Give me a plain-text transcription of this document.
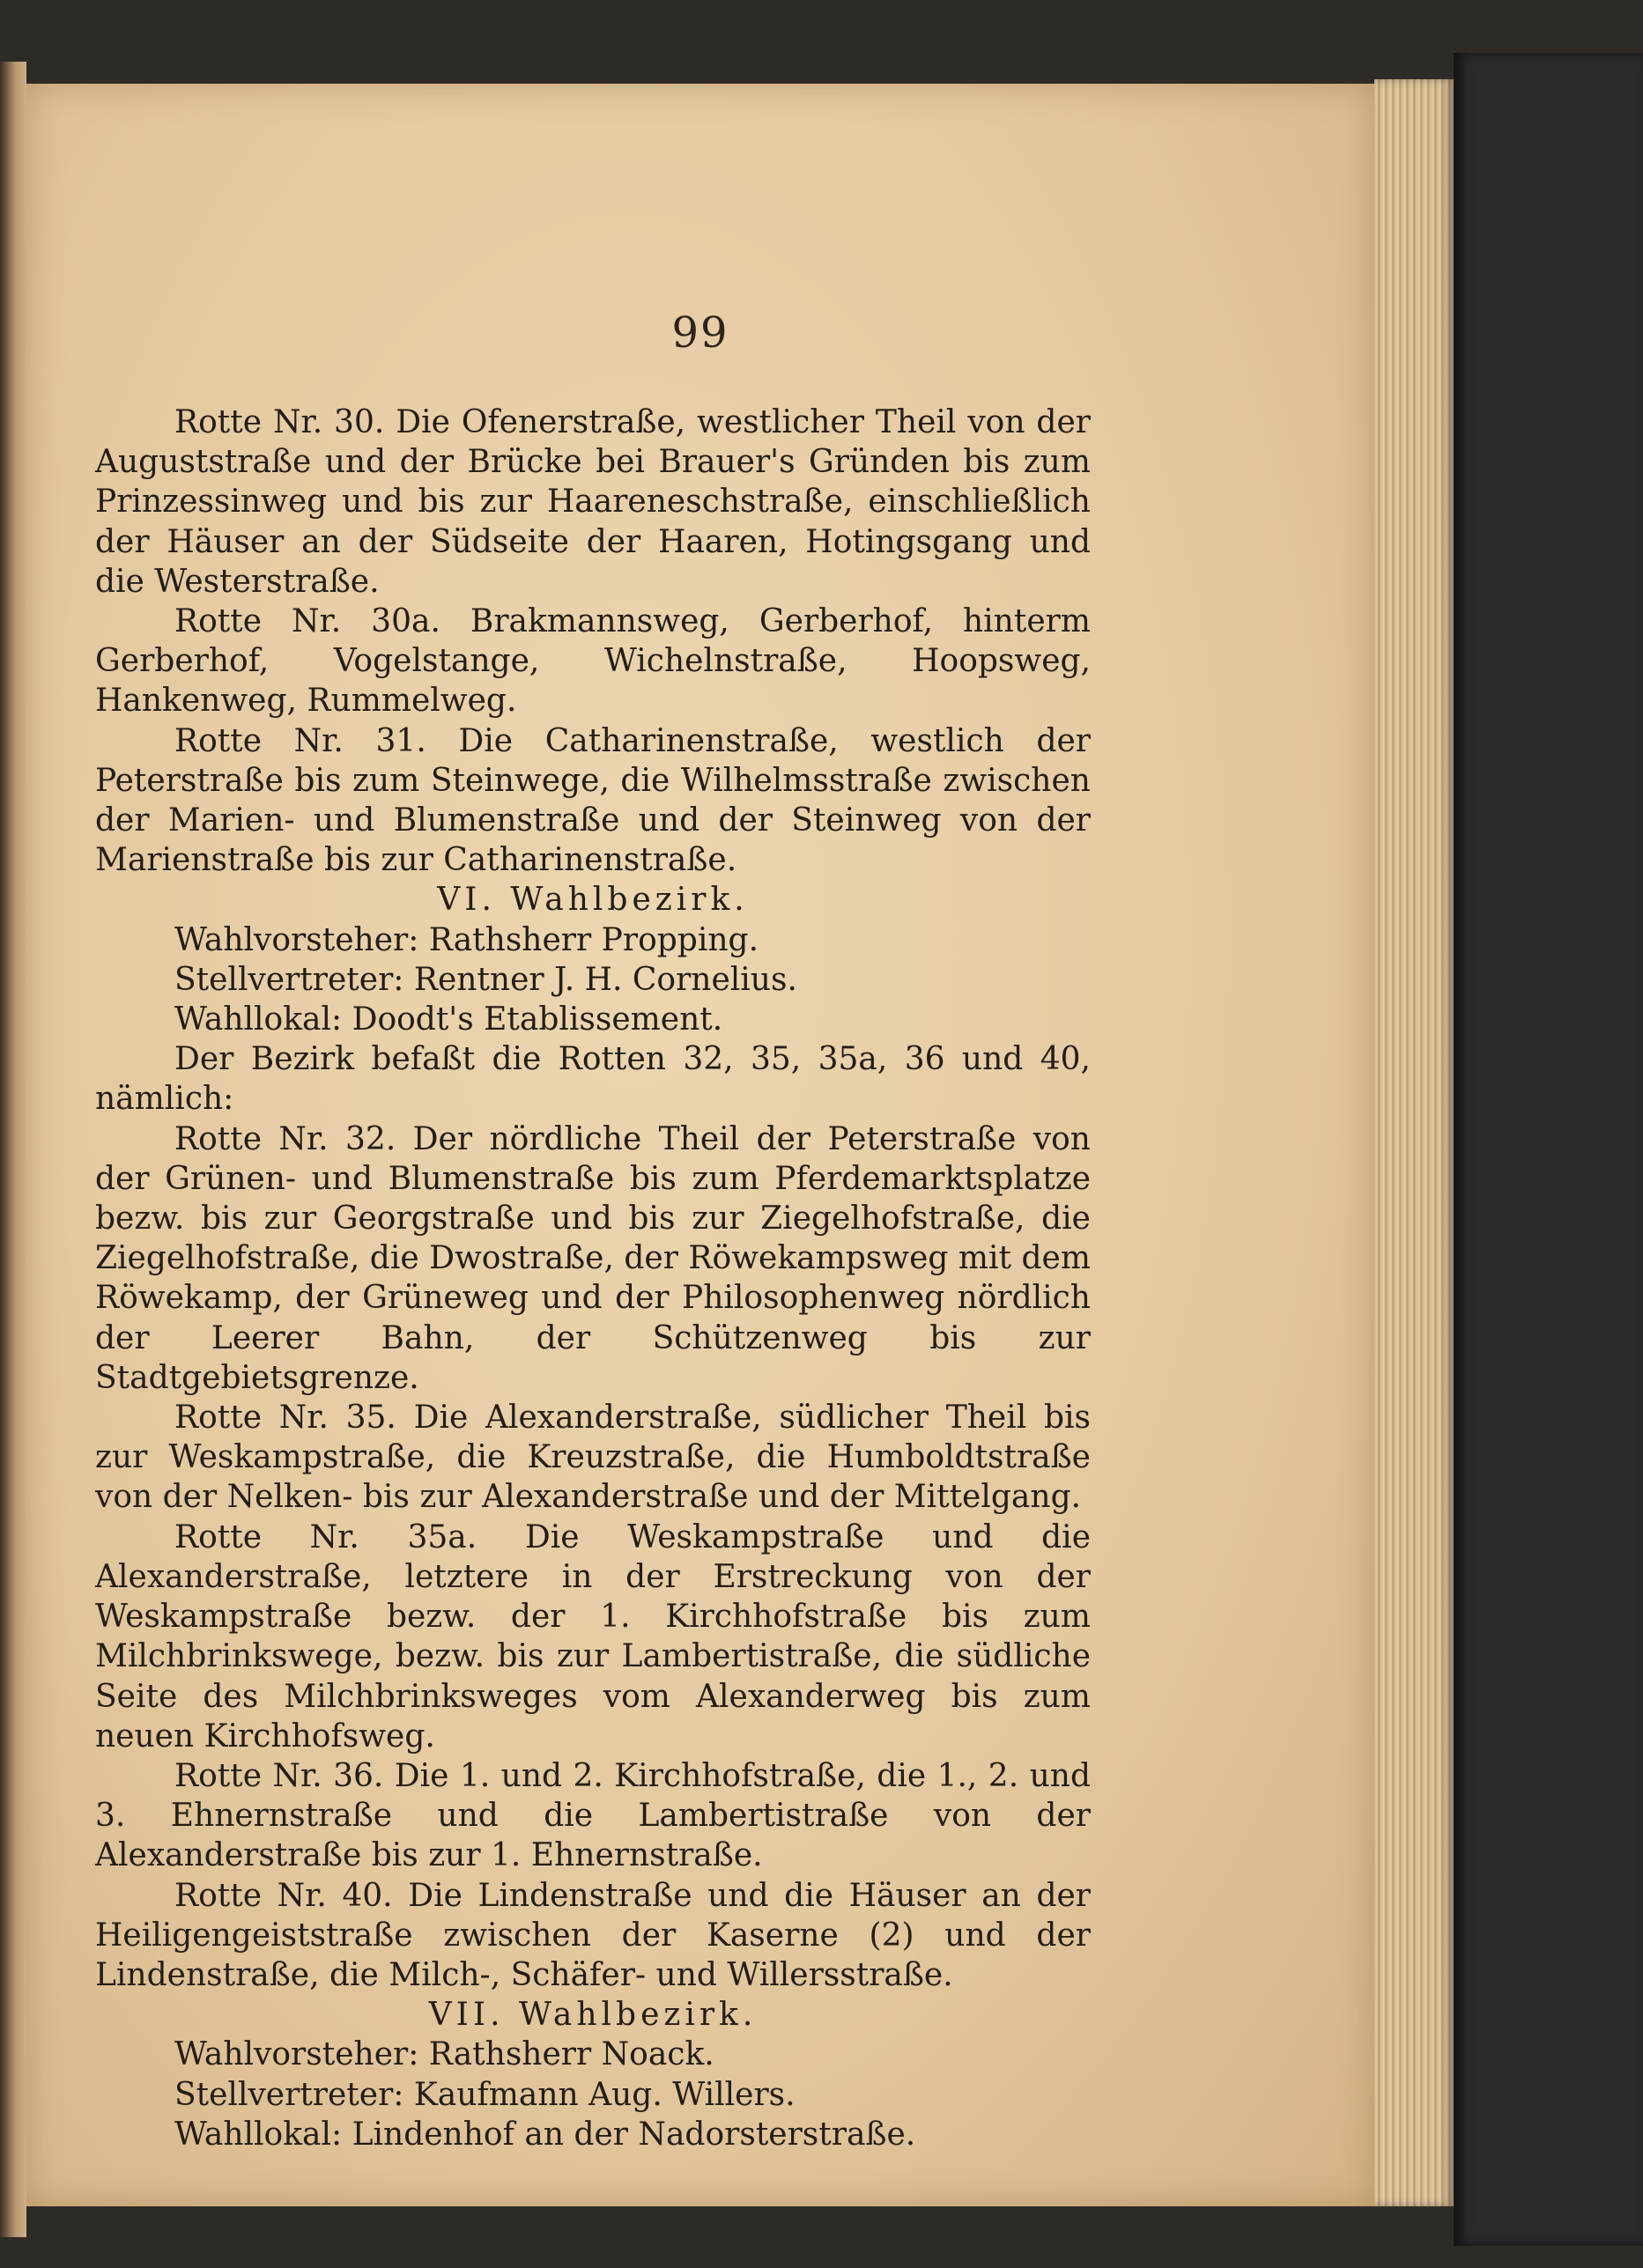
99

Rotte Nr. 30. Die Ofenerstraße, westlicher Theil von der Auguststraße und der Brücke bei Brauer's Gründen bis zum Prinzessinweg und bis zur Haareneschstraße, einschließlich der Häuser an der Südseite der Haaren, Hotingsgang und die Westerstraße.

Rotte Nr. 30a. Brakmannsweg, Gerberhof, hinterm Gerberhof, Vogelstange, Wichelnstraße, Hoopsweg, Hankenweg, Rummelweg.

Rotte Nr. 31. Die Catharinenstraße, westlich der Peterstraße bis zum Steinwege, die Wilhelmsstraße zwischen der Marien- und Blumenstraße und der Steinweg von der Marienstraße bis zur Catharinenstraße.

VI. Wahlbezirk.

Wahlvorsteher: Rathsherr Propping.

Stellvertreter: Rentner J. H. Cornelius.

Wahllokal: Doodt's Etablissement.

Der Bezirk befaßt die Rotten 32, 35, 35a, 36 und 40, nämlich:

Rotte Nr. 32. Der nördliche Theil der Peterstraße von der Grünen- und Blumenstraße bis zum Pferdemarktsplatze bezw. bis zur Georgstraße und bis zur Ziegelhofstraße, die Ziegelhofstraße, die Dwostraße, der Röwekampsweg mit dem Röwekamp, der Grüneweg und der Philosophenweg nördlich der Leerer Bahn, der Schützenweg bis zur Stadtgebietsgrenze.

Rotte Nr. 35. Die Alexanderstraße, südlicher Theil bis zur Weskampstraße, die Kreuzstraße, die Humboldtstraße von der Nelken- bis zur Alexanderstraße und der Mittelgang.

Rotte Nr. 35a. Die Weskampstraße und die Alexanderstraße, letztere in der Erstreckung von der Weskampstraße bezw. der 1. Kirchhofstraße bis zum Milchbrinkswege, bezw. bis zur Lambertistraße, die südliche Seite des Milchbrinksweges vom Alexanderweg bis zum neuen Kirchhofsweg.

Rotte Nr. 36. Die 1. und 2. Kirchhofstraße, die 1., 2. und 3. Ehnernstraße und die Lambertistraße von der Alexanderstraße bis zur 1. Ehnernstraße.

Rotte Nr. 40. Die Lindenstraße und die Häuser an der Heiligengeiststraße zwischen der Kaserne (2) und der Lindenstraße, die Milch-, Schäfer- und Willersstraße.

VII. Wahlbezirk.

Wahlvorsteher: Rathsherr Noack.

Stellvertreter: Kaufmann Aug. Willers.

Wahllokal: Lindenhof an der Nadorsterstraße.
